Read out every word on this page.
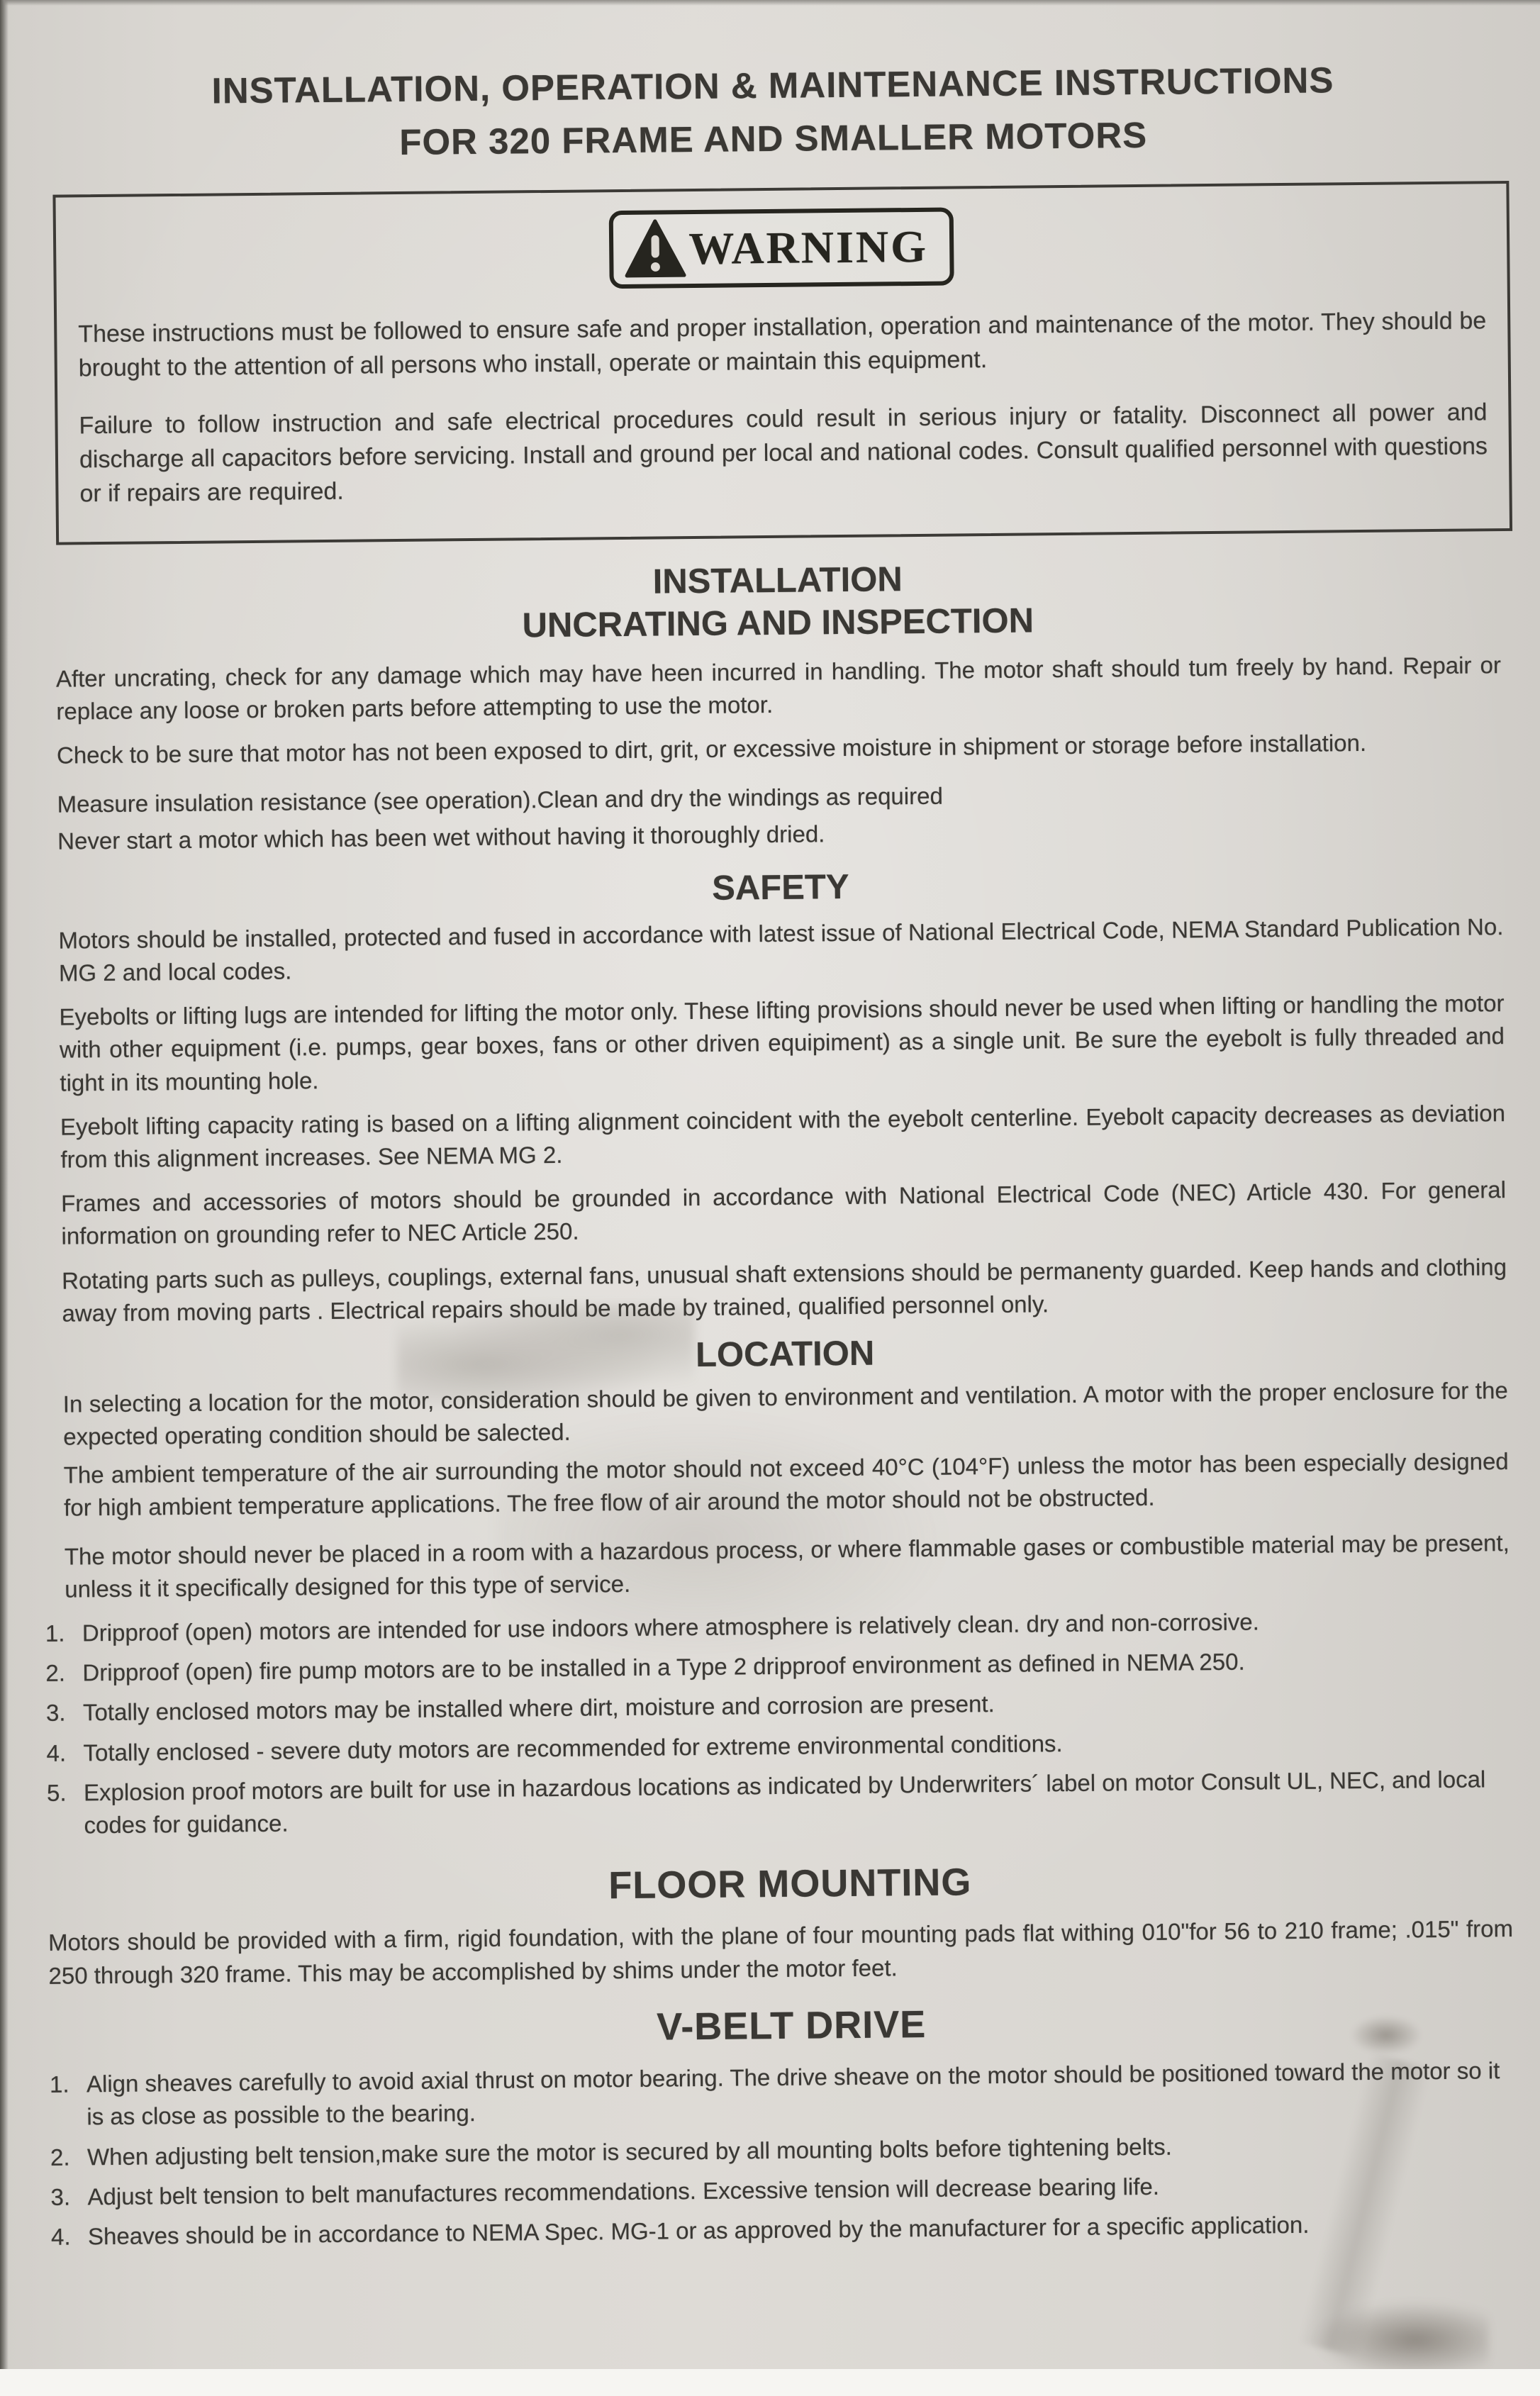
INSTALLATION, OPERATION & MAINTENANCE INSTRUCTIONS
FOR 320 FRAME AND SMALLER MOTORS
WARNING

These instructions must be followed to ensure safe and proper installation, operation and maintenance of the motor. They should be brought to the attention of all persons who install, operate or maintain this equipment.

Failure to follow instruction and safe electrical procedures could result in serious injury or fatality. Disconnect all power and discharge all capacitors before servicing. Install and ground per local and national codes. Consult qualified personnel with questions or if repairs are required.

INSTALLATION
UNCRATING AND INSPECTION

After uncrating, check for any damage which may have heen incurred in handling. The motor shaft should tum freely by hand. Repair or replace any loose or broken parts before attempting to use the motor.

Check to be sure that motor has not been exposed to dirt, grit, or excessive moisture in shipment or storage before installation.

Measure insulation resistance (see operation).Clean and dry the windings as required

Never start a motor which has been wet without having it thoroughly dried.

SAFETY

Motors should be installed, protected and fused in accordance with latest issue of National Electrical Code, NEMA Standard Publication No. MG 2 and local codes.

Eyebolts or lifting lugs are intended for lifting the motor only. These lifting provisions should never be used when lifting or handling the motor with other equipment (i.e. pumps, gear boxes, fans or other driven equipiment) as a single unit. Be sure the eyebolt is fully threaded and tight in its mounting hole.

Eyebolt lifting capacity rating is based on a lifting alignment coincident with the eyebolt centerline. Eyebolt capacity decreases as deviation from this alignment increases. See NEMA MG 2.

Frames and accessories of motors should be grounded in accordance with National Electrical Code (NEC) Article 430. For general information on grounding refer to NEC Article 250.

Rotating parts such as pulleys, couplings, external fans, unusual shaft extensions should be permanenty guarded. Keep hands and clothing away from moving parts . Electrical repairs should be made by trained, qualified personnel only.

LOCATION

In selecting a location for the motor, consideration should be given to environment and ventilation. A motor with the proper enclosure for the expected operating condition should be salected.

The ambient temperature of the air surrounding the motor should not exceed 40°C (104°F) unless the motor has been especially designed for high ambient temperature applications. The free flow of air around the motor should not be obstructed.

The motor should never be placed in a room with a hazardous process, or where flammable gases or combustible material may be present, unless it it specifically designed for this type of service.

1. Dripproof (open) motors are intended for use indoors where atmosphere is relatively clean. dry and non-corrosive.
2. Dripproof (open) fire pump motors are to be installed in a Type 2 dripproof environment as defined in NEMA 250.
3. Totally enclosed motors may be installed where dirt, moisture and corrosion are present.
4. Totally enclosed - severe duty motors are recommended for extreme environmental conditions.
5. Explosion proof motors are built for use in hazardous locations as indicated by Underwriters´ label on motor Consult UL, NEC, and local codes for guidance.
FLOOR MOUNTING

Motors should be provided with a firm, rigid foundation, with the plane of four mounting pads flat withing 010"for 56 to 210 frame; .015" from 250 through 320 frame. This may be accomplished by shims under the motor feet.

V-BELT DRIVE
1. Align sheaves carefully to avoid axial thrust on motor bearing. The drive sheave on the motor should be positioned toward the motor so it is as close as possible to the bearing.
2. When adjusting belt tension,make sure the motor is secured by all mounting bolts before tightening belts.
3. Adjust belt tension to belt manufactures recommendations. Excessive tension will decrease bearing life.
4. Sheaves should be in accordance to NEMA Spec. MG-1 or as approved by the manufacturer for a specific application.
